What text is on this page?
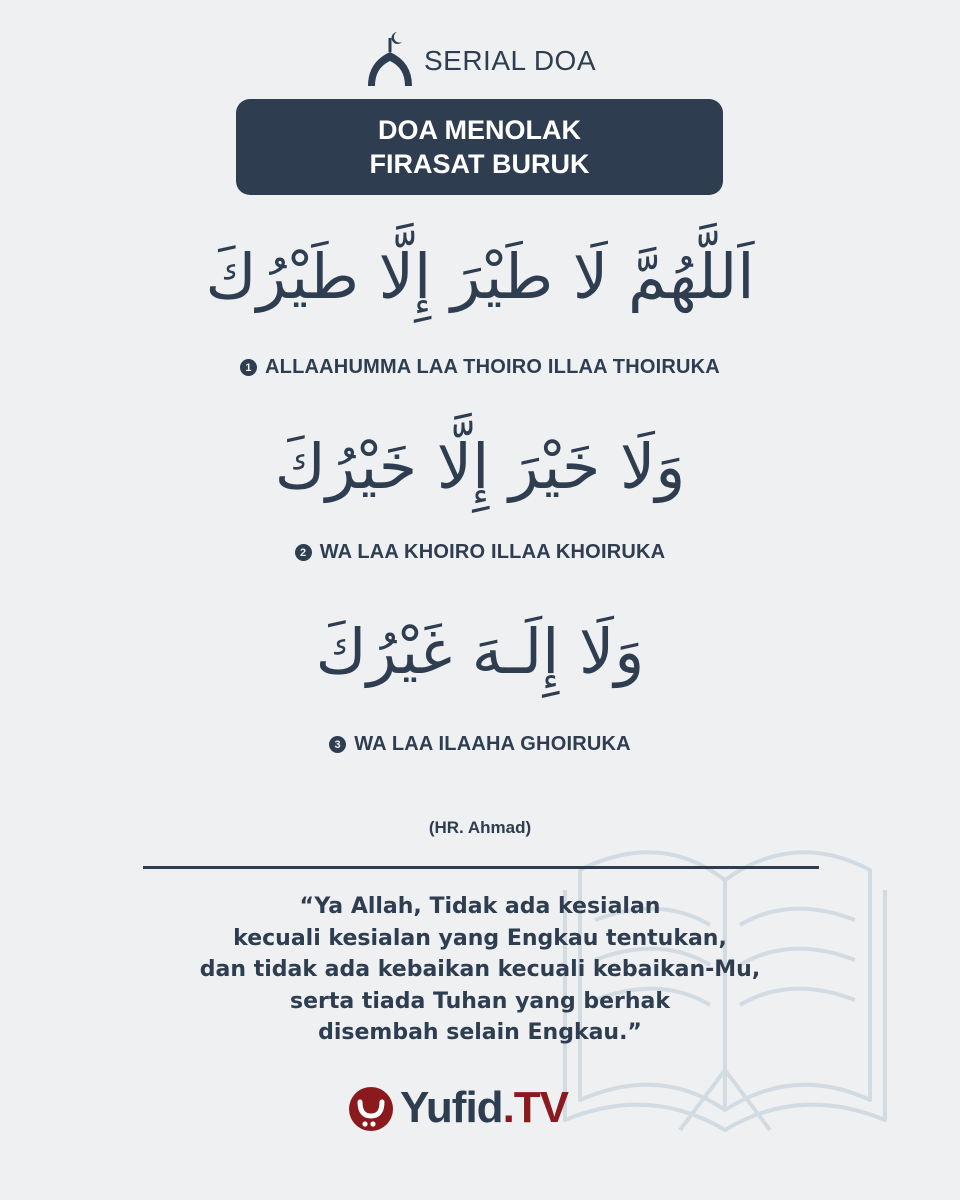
SERIAL DOA
DOA MENOLAK
FIRASAT BURUK
اَللَّهُمَّ لَا طَيْرَ إِلَّا طَيْرُكَ
1 ALLAAHUMMA LAA THOIRO ILLAA THOIRUKA
وَلَا خَيْرَ إِلَّا خَيْرُكَ
2 WA LAA KHOIRO ILLAA KHOIRUKA
وَلَا إِلَـهَ غَيْرُكَ
3 WA LAA ILAAHA GHOIRUKA
(HR. Ahmad)
“Ya Allah, Tidak ada kesialan
kecuali kesialan yang Engkau tentukan,
dan tidak ada kebaikan kecuali kebaikan-Mu,
serta tiada Tuhan yang berhak
disembah selain Engkau.”
Yufid.TV
